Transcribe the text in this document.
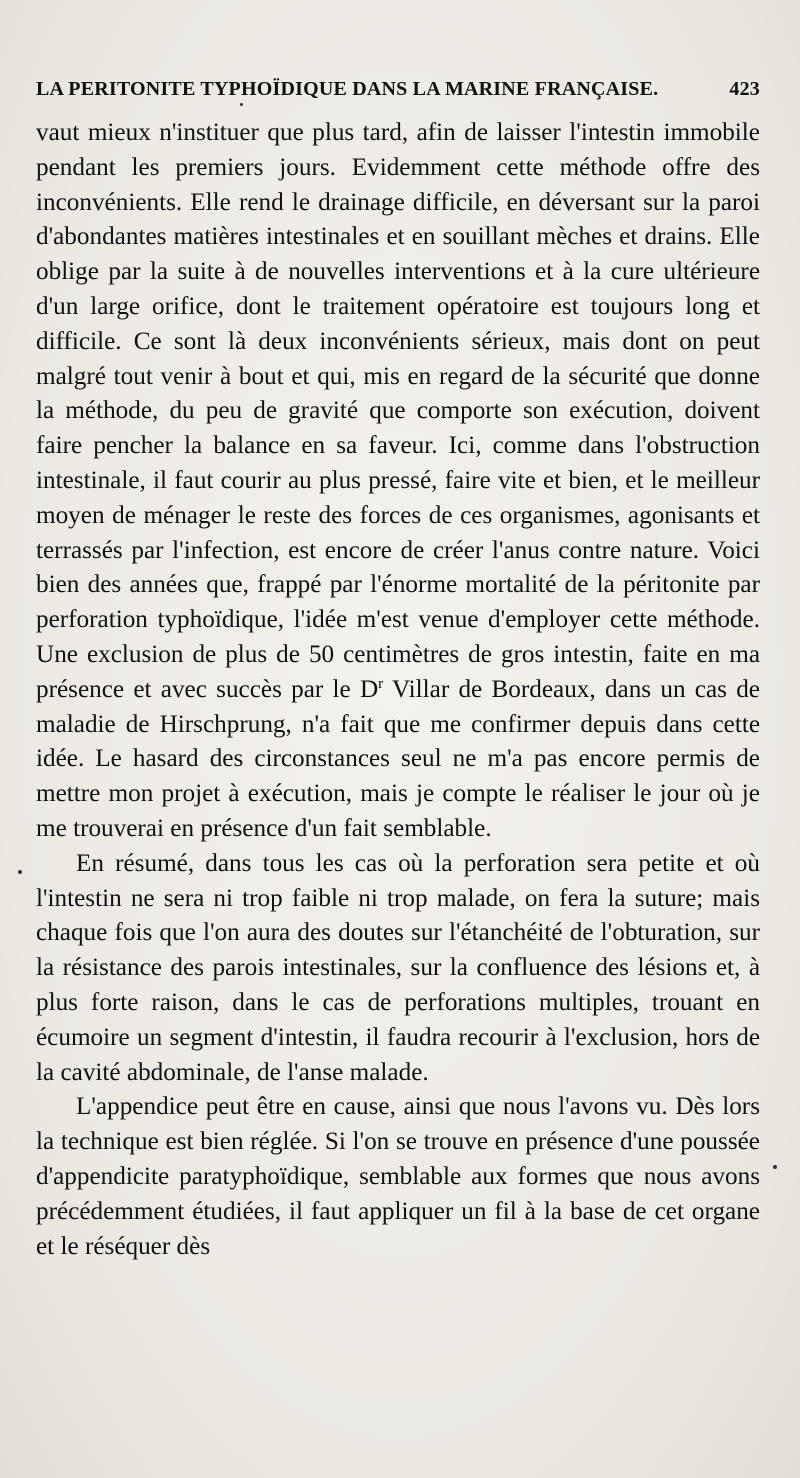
LA PERITONITE TYPHOÏDIQUE DANS LA MARINE FRANÇAISE.	423

vaut mieux n'instituer que plus tard, afin de laisser l'intestin immobile pendant les premiers jours. Evidemment cette méthode offre des inconvénients. Elle rend le drainage difficile, en déversant sur la paroi d'abondantes matières intestinales et en souillant mèches et drains. Elle oblige par la suite à de nouvelles interventions et à la cure ultérieure d'un large orifice, dont le traitement opératoire est toujours long et difficile. Ce sont là deux inconvénients sérieux, mais dont on peut malgré tout venir à bout et qui, mis en regard de la sécurité que donne la méthode, du peu de gravité que comporte son exécution, doivent faire pencher la balance en sa faveur. Ici, comme dans l'obstruction intestinale, il faut courir au plus pressé, faire vite et bien, et le meilleur moyen de ménager le reste des forces de ces organismes, agonisants et terrassés par l'infection, est encore de créer l'anus contre nature. Voici bien des années que, frappé par l'énorme mortalité de la péritonite par perforation typhoïdique, l'idée m'est venue d'employer cette méthode. Une exclusion de plus de 50 centimètres de gros intestin, faite en ma présence et avec succès par le $D^r$ Villar de Bordeaux, dans un cas de maladie de Hirschprung, n'a fait que me confirmer depuis dans cette idée. Le hasard des circonstances seul ne m'a pas encore permis de mettre mon projet à exécution, mais je compte le réaliser le jour où je me trouverai en présence d'un fait semblable.

En résumé, dans tous les cas où la perforation sera petite et où l'intestin ne sera ni trop faible ni trop malade, on fera la suture; mais chaque fois que l'on aura des doutes sur l'étanchéité de l'obturation, sur la résistance des parois intestinales, sur la confluence des lésions et, à plus forte raison, dans le cas de perforations multiples, trouant en écumoire un segment d'intestin, il faudra recourir à l'exclusion, hors de la cavité abdominale, de l'anse malade.

L'appendice peut être en cause, ainsi que nous l'avons vu. Dès lors la technique est bien réglée. Si l'on se trouve en présence d'une poussée d'appendicite paratyphoïdique, semblable aux formes que nous avons précédemment étudiées, il faut appliquer un fil à la base de cet organe et le réséquer dès
